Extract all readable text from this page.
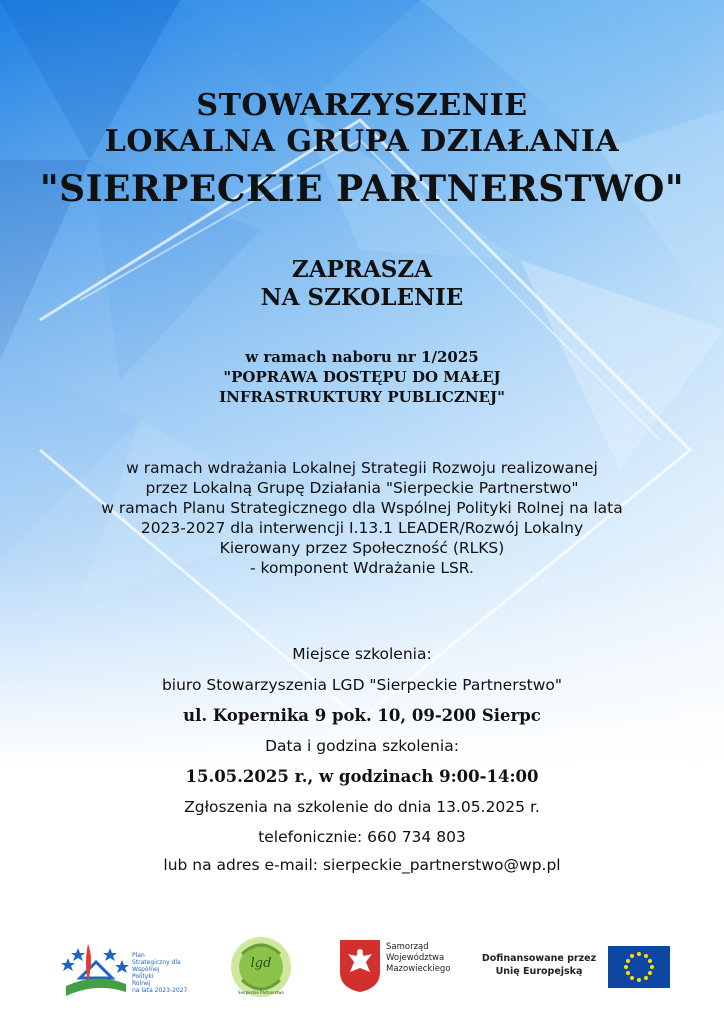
STOWARZYSZENIE
LOKALNA GRUPA DZIAŁANIA
"SIERPECKIE PARTNERSTWO"
ZAPRASZA
NA SZKOLENIE
w ramach naboru nr 1/2025
"POPRAWA DOSTĘPU DO MAŁEJ
INFRASTRUKTURY PUBLICZNEJ"
w ramach wdrażania Lokalnej Strategii Rozwoju realizowanej
przez Lokalną Grupę Działania "Sierpeckie Partnerstwo"
w ramach Planu Strategicznego dla Wspólnej Polityki Rolnej na lata
2023-2027 dla interwencji I.13.1 LEADER/Rozwój Lokalny
Kierowany przez Społeczność (RLKS)
- komponent Wdrażanie LSR.
Miejsce szkolenia:
biuro Stowarzyszenia LGD "Sierpeckie Partnerstwo"
ul. Kopernika 9 pok. 10, 09-200 Sierpc
Data i godzina szkolenia:
15.05.2025 r., w godzinach 9:00-14:00
Zgłoszenia na szkolenie do dnia 13.05.2025 r.
telefonicznie: 660 734 803
lub na adres e-mail: sierpeckie_partnerstwo@wp.pl
Plan
Strategiczny dla
Wspólnej
Polityki
Rolnej
na lata 2023-2027
lgd
Sierpeckie Partnerstwo
Samorząd
Województwa
Mazowieckiego
Dofinansowane przez
Unię Europejską
